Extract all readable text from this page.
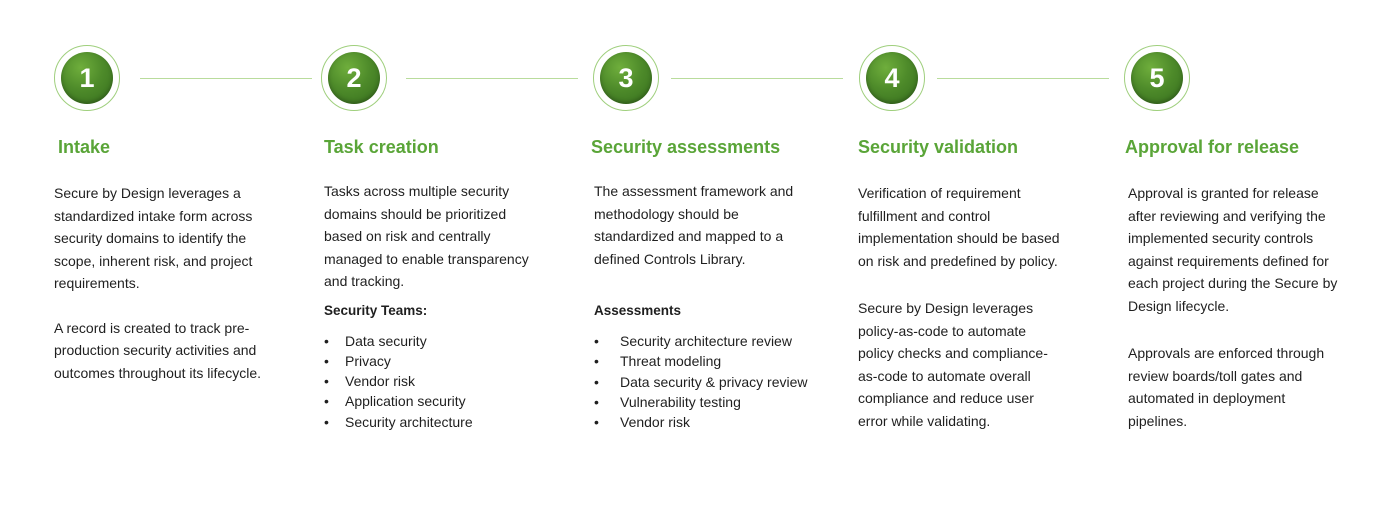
1	2	3	4	5
Intake

Secure by Design leverages a standardized intake form across security domains to identify the scope, inherent risk, and project requirements.

A record is created to track pre-production security activities and outcomes throughout its lifecycle.

Task creation

Tasks across multiple security domains should be prioritized based on risk and centrally managed to enable transparency and tracking.

Security Teams:
• Data security
• Privacy
• Vendor risk
• Application security
• Security architecture
Security assessments

The assessment framework and methodology should be standardized and mapped to a defined Controls Library.

Assessments
• Security architecture review
• Threat modeling
• Data security & privacy review
• Vulnerability testing
• Vendor risk
Security validation

Verification of requirement fulfillment and control implementation should be based on risk and predefined by policy.

Secure by Design leverages policy-as-code to automate policy checks and compliance-as-code to automate overall compliance and reduce user error while validating.

Approval for release

Approval is granted for release after reviewing and verifying the implemented security controls against requirements defined for each project during the Secure by Design lifecycle.

Approvals are enforced through review boards/toll gates and automated in deployment pipelines.
